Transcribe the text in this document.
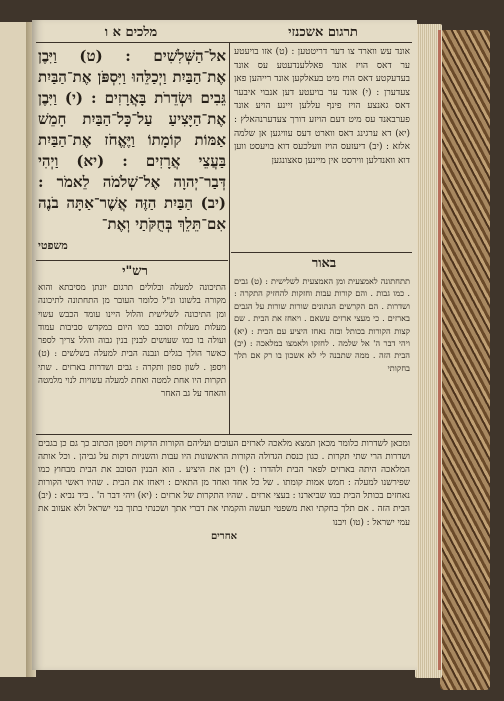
תרגום אשכנזי
מלכים א ו

אל־הַשְּׁלִשִׁים : (ט) וַיִּבֶן אֶת־הַבַּיִת וַיְכַלֵּהוּ וַיִּסְפֹּן אֶת־הַבַּיִת גֵּבִים וּשְׂדֵרֹת בָּאֲרָזִים : (י) וַיִּבֶן אֶת־הַיָּצִיעַ עַל־כָּל־הַבַּיִת חָמֵשׁ אַמּוֹת קוֹמָתוֹ וַיֶּאֱחֹז אֶת־הַבַּיִת בַּעֲצֵי אֲרָזִים : (יא) וַיְהִי דְּבַר־יְהוָה אֶל־שְׁלֹמֹה לֵאמֹר : (יב) הַבַּיִת הַזֶּה אֲשֶׁר־אַתָּה בֹנֶה אִם־תֵּלֵךְ בְּחֻקֹּתַי וְאֶת־

משפטי

רש"י
התיכונה למעלה ובלולים תרגום יונתן מסיבתא והוא מקורה בלשונו ונ"ל כלומר העובר מן התחתונה לתיכונה ומן התיכונה לשלישית והלול היינו עומד הכבש עשוי מעלות מעלות וסובב כמו היום במקדש סביבות עמוד ועולה בו כמו שעושים לבנין בנין גבוה והלל צריך לספר כאשר הולך בגלים ונבנה הבית למעלה בשלשים : (ט) ויספן . לשון ספון ותקרה : גבים ושדרות בארזים . שתי תקרות היו אחת למטה ואחת למעלה עשויות לנוי מלמטה והאחד על גב האחר
אונד עש ווארד צו דער דריטטען : (ט) אזו בויעטע ער דאס הויז אונד פאללענדעטע עס אונד בעדעקטע דאס הויז מיט בעאלקען אונד רייהען פאן צעדערן : (י) אונד ער בויעטע דען אנבוי איבער דאס גאנצע הויז פינף עללען זיינע הויע אונד פערבאנד עס מיט דעם הויזע דורך צעדערנהאלץ : (יא) דא ערגינג דאס ווארט דעס עוויגען אן שלמה אלזא : (יב) דיעזעס הויז וועלכעס דוא בויעסט ווען דוא וואנדלען ווירסט אין מיינען סאצונגען
באור
תתחתונה לאמצעית ומן האמצעית לשלישית : (ט) גבים . כמו גבות . והם קורות עבות וחזקות להחזיק התקרה : ושדרות . הם הקרשים הנתונים שורות שורות על הגבים בארזים . כי מעצי ארזים עשאם . ויאחז את הבית . שם קצות הקורות בכותל ובזה נאחז היציע עם הבית : (יא) ויהי דבר ה' אל שלמה . לחזקו ולאמצו במלאכה : (יב) הבית הזה . ממה שתבנה לי לא אשכון בו רק אם תלך בחקותי

ומכאן לשדרות כלומר מכאן תמצא מלאכה לארזים העובים ועליהם הקורות הדקות ויספן הכתוב כך גם כן בגבים ושדרות הרי שתי תקרות . כגון כנסת הגדולה הקורות הראשונות היו עבות והשניות דקות על גביהן . וכל אותה המלאכה היתה בארזים לפאר הבית ולהדרו : (י) ויבן את היציע . הוא הבנין הסובב את הבית מבחוץ כמו שפירשנו למעלה : חמש אמות קומתו . של כל אחד ואחד מן התאים : ויאחז את הבית . שהיו ראשי הקורות נאחזים בכותל הבית כמו שביארנו : בעצי ארזים . שהיו התקרות של ארזים : (יא) ויהי דבר ה' . ביד נביא : (יב) הבית הזה . אם תלך בחקתי ואת משפטי תעשה והקמתי את דברי אתך ושכנתי בתוך בני ישראל ולא אעזוב את עמי ישראל : (טו) ויבנו

אחרים
